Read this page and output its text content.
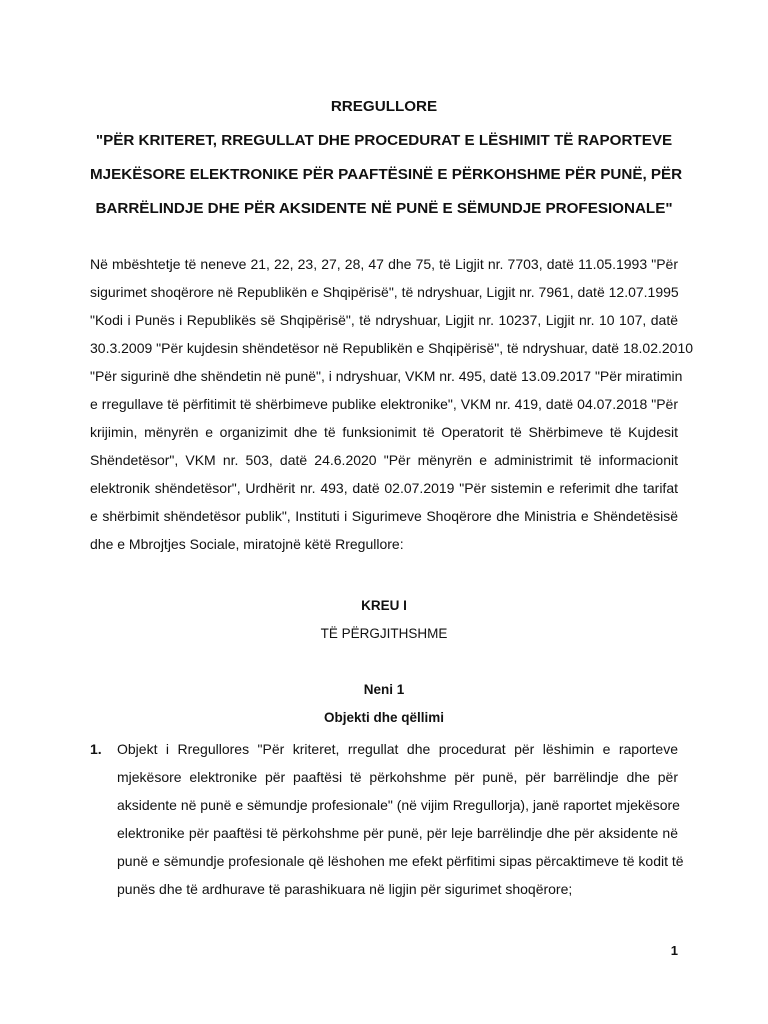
RREGULLORE
"PËR KRITERET, RREGULLAT DHE PROCEDURAT E LËSHIMIT TË RAPORTEVE
MJEKËSORE ELEKTRONIKE PËR PAAFTËSINË E PËRKOHSHME PËR PUNË, PËR
BARRËLINDJE DHE PËR AKSIDENTE NË PUNË E SËMUNDJE PROFESIONALE"
Në mbështetje të neneve 21, 22, 23, 27, 28, 47 dhe 75, të Ligjit nr. 7703, datë 11.05.1993 "Për
sigurimet shoqërore në Republikën e Shqipërisë", të ndryshuar, Ligjit nr. 7961, datë 12.07.1995
"Kodi i Punës i Republikës së Shqipërisë", të ndryshuar, Ligjit nr. 10237, Ligjit nr. 10 107, datë
30.3.2009 "Për kujdesin shëndetësor në Republikën e Shqipërisë", të ndryshuar, datë 18.02.2010
"Për sigurinë dhe shëndetin në punë", i ndryshuar, VKM nr. 495, datë 13.09.2017 "Për miratimin
e rregullave të përfitimit të shërbimeve publike elektronike", VKM nr. 419, datë 04.07.2018 "Për
krijimin, mënyrën e organizimit dhe të funksionimit të Operatorit të Shërbimeve të Kujdesit
Shëndetësor", VKM nr. 503, datë 24.6.2020 "Për mënyrën e administrimit të informacionit
elektronik shëndetësor", Urdhërit nr. 493, datë 02.07.2019 "Për sistemin e referimit dhe tarifat
e shërbimit shëndetësor publik", Instituti i Sigurimeve Shoqërore dhe Ministria e Shëndetësisë
dhe e Mbrojtjes Sociale, miratojnë këtë Rregullore:
KREU I
TË PËRGJITHSHME
Neni 1
Objekti dhe qëllimi
1. Objekt i Rregullores "Për kriteret, rregullat dhe procedurat për lëshimin e raporteve
mjekësore elektronike për paaftësi të përkohshme për punë, për barrëlindje dhe për
aksidente në punë e sëmundje profesionale" (në vijim Rregullorja), janë raportet mjekësore
elektronike për paaftësi të përkohshme për punë, për leje barrëlindje dhe për aksidente në
punë e sëmundje profesionale që lëshohen me efekt përfitimi sipas përcaktimeve të kodit të
punës dhe të ardhurave të parashikuara në ligjin për sigurimet shoqërore;
1
